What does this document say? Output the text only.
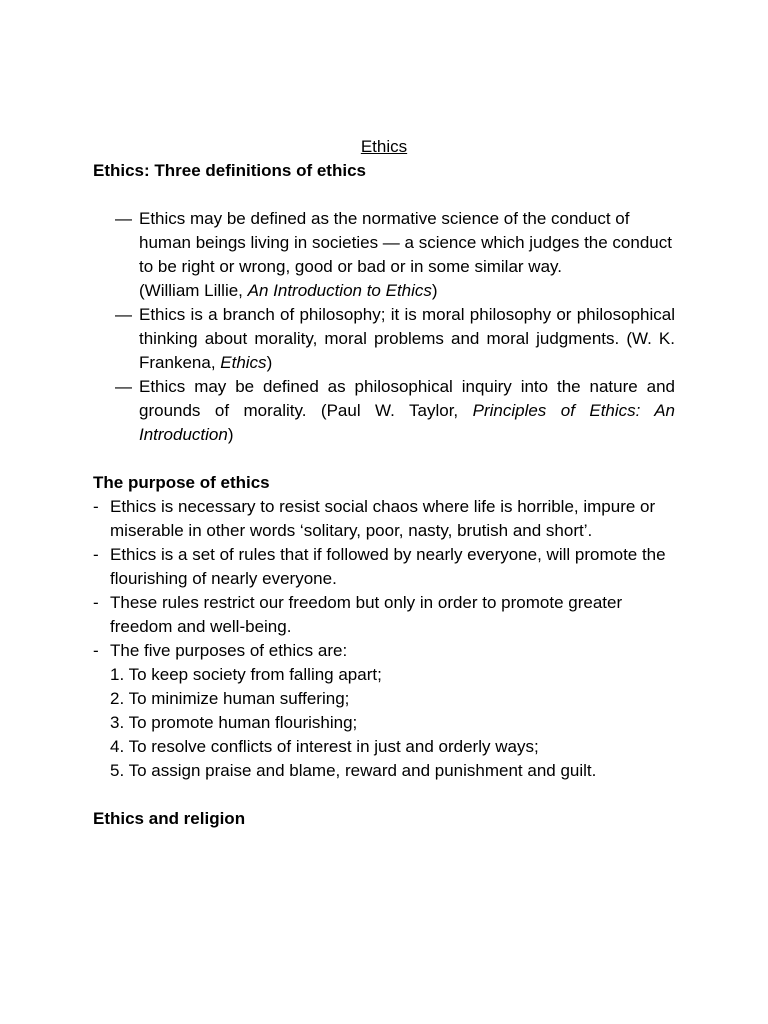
Ethics

Ethics: Three definitions of ethics

— Ethics may be defined as the normative science of the conduct of human beings living in societies — a science which judges the conduct to be right or wrong, good or bad or in some similar way.
(William Lillie, An Introduction to Ethics)
— Ethics is a branch of philosophy; it is moral philosophy or philosophical thinking about morality, moral problems and moral judgments. (W. K. Frankena, Ethics)
— Ethics may be defined as philosophical inquiry into the nature and grounds of morality. (Paul W. Taylor, Principles of Ethics: An Introduction)

The purpose of ethics

- Ethics is necessary to resist social chaos where life is horrible, impure or miserable in other words ‘solitary, poor, nasty, brutish and short’.
- Ethics is a set of rules that if followed by nearly everyone, will promote the flourishing of nearly everyone.
- These rules restrict our freedom but only in order to promote greater freedom and well-being.
- The five purposes of ethics are:
1. To keep society from falling apart;
2. To minimize human suffering;
3. To promote human flourishing;
4. To resolve conflicts of interest in just and orderly ways;
5. To assign praise and blame, reward and punishment and guilt.

Ethics and religion
